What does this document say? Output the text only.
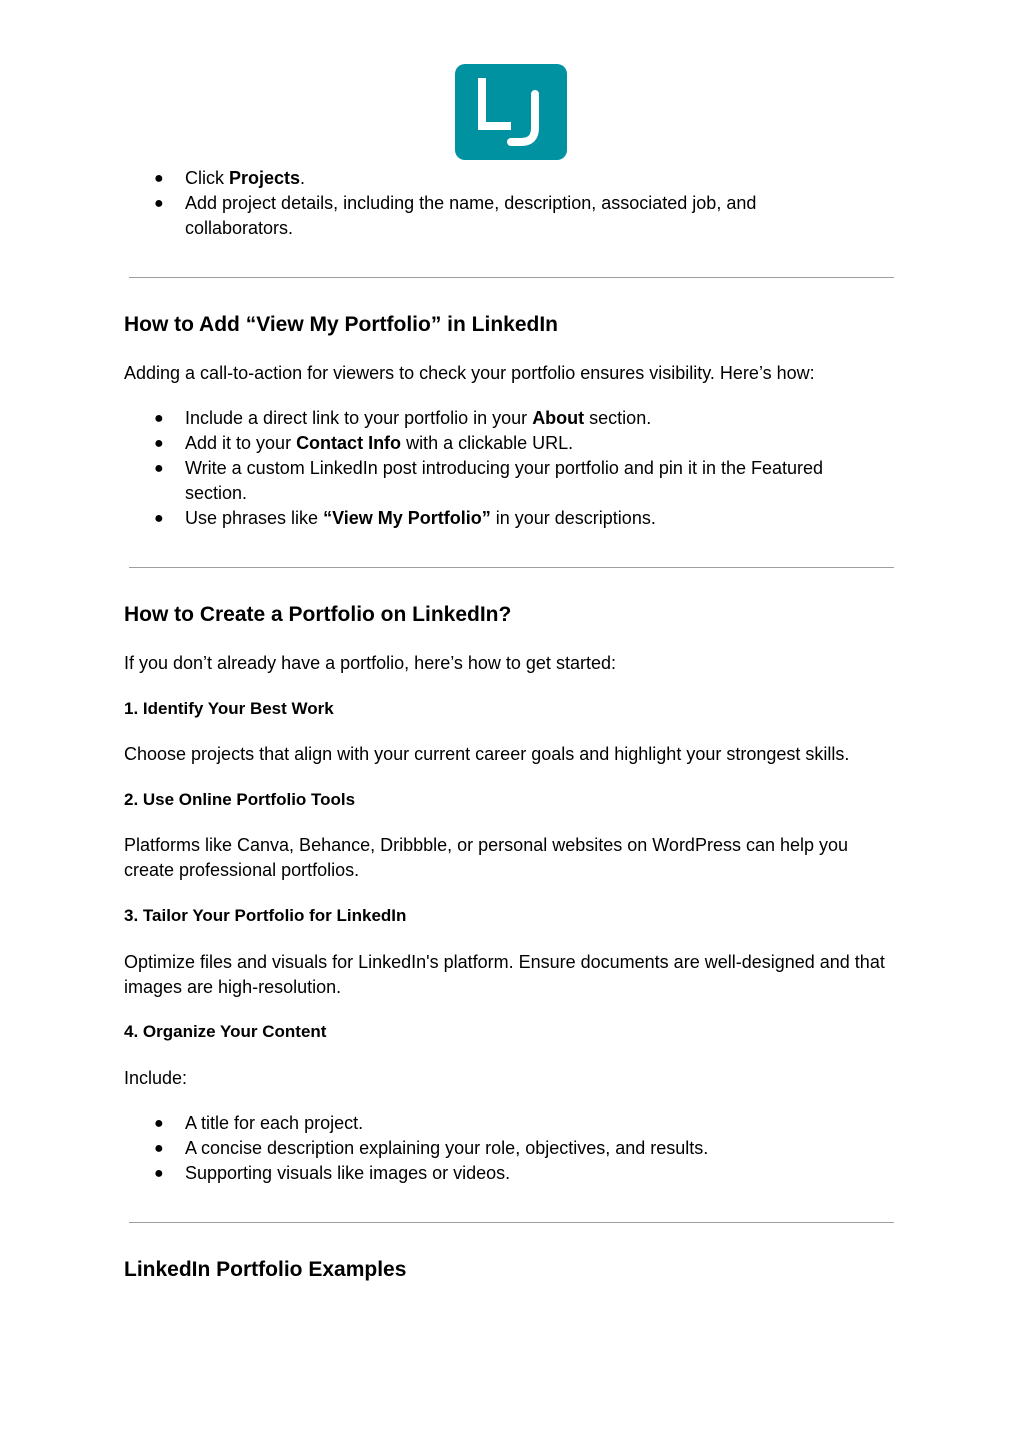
● Click Projects.
● Add project details, including the name, description, associated job, and collaborators.
How to Add “View My Portfolio” in LinkedIn

Adding a call-to-action for viewers to check your portfolio ensures visibility. Here’s how:

● Include a direct link to your portfolio in your About section.
● Add it to your Contact Info with a clickable URL.
● Write a custom LinkedIn post introducing your portfolio and pin it in the Featured section.
● Use phrases like “View My Portfolio” in your descriptions.
How to Create a Portfolio on LinkedIn?

If you don’t already have a portfolio, here’s how to get started:

1. Identify Your Best Work

Choose projects that align with your current career goals and highlight your strongest skills.

2. Use Online Portfolio Tools

Platforms like Canva, Behance, Dribbble, or personal websites on WordPress can help you create professional portfolios.

3. Tailor Your Portfolio for LinkedIn

Optimize files and visuals for LinkedIn's platform. Ensure documents are well-designed and that images are high-resolution.

4. Organize Your Content

Include:

● A title for each project.
● A concise description explaining your role, objectives, and results.
● Supporting visuals like images or videos.
LinkedIn Portfolio Examples
